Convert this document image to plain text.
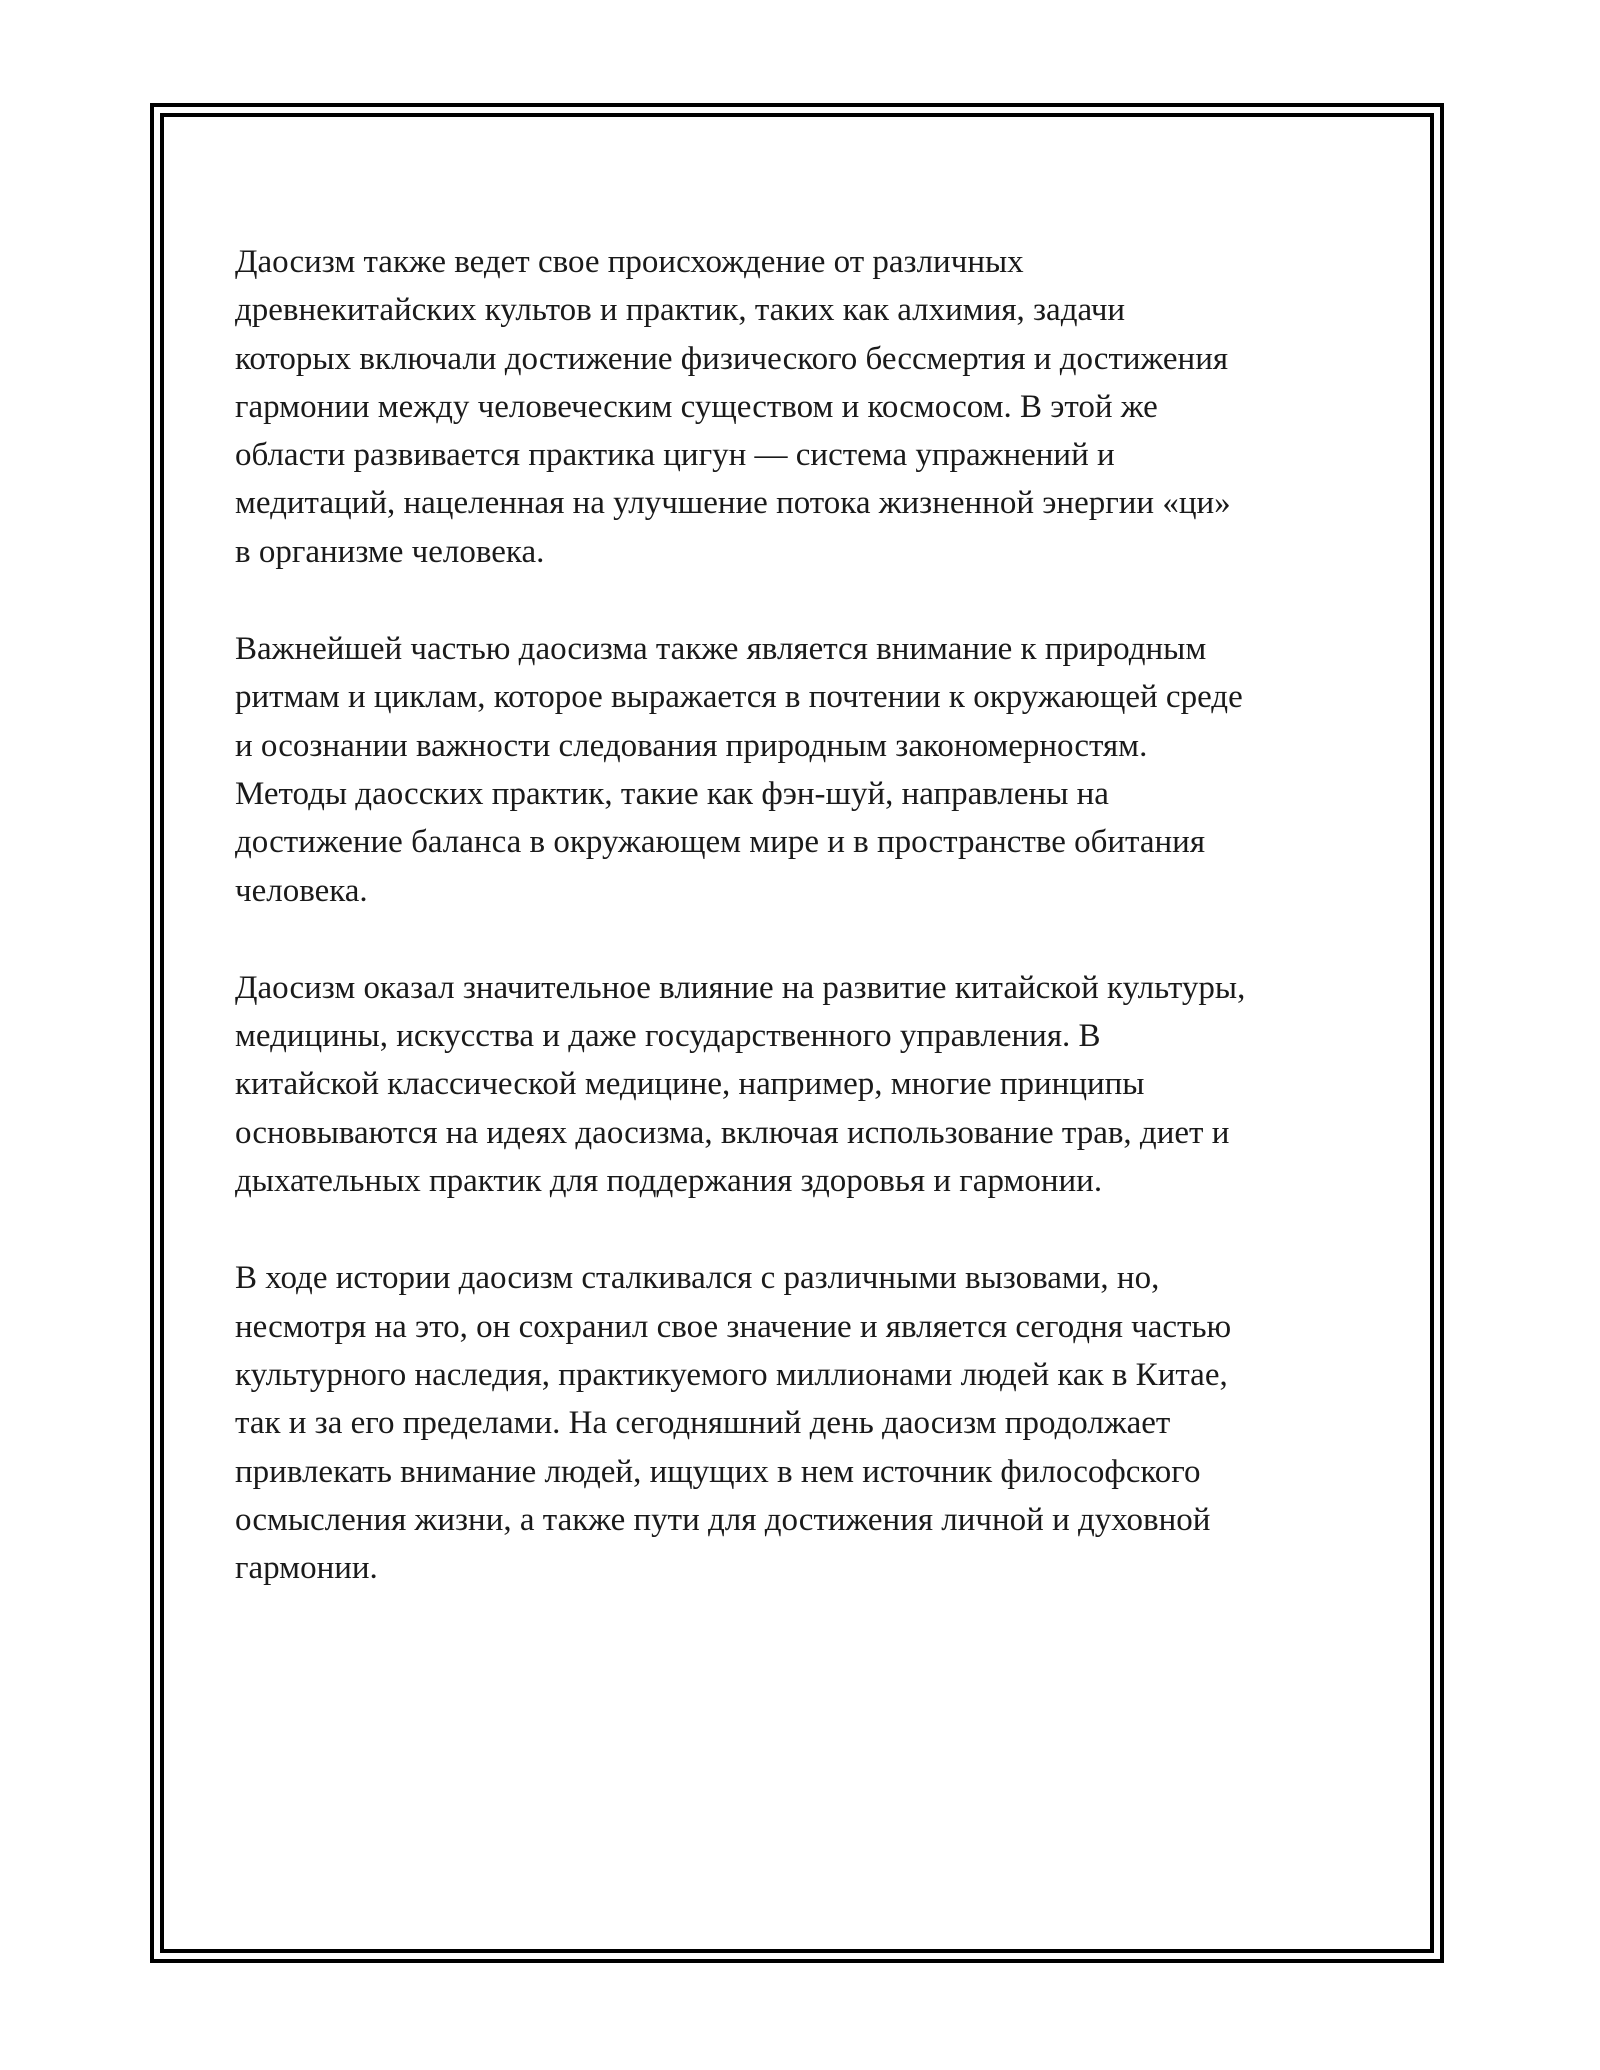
Даосизм также ведет свое происхождение от различных
древнекитайских культов и практик, таких как алхимия, задачи
которых включали достижение физического бессмертия и достижения
гармонии между человеческим существом и космосом. В этой же
области развивается практика цигун — система упражнений и
медитаций, нацеленная на улучшение потока жизненной энергии «ци»
в организме человека.

Важнейшей частью даосизма также является внимание к природным
ритмам и циклам, которое выражается в почтении к окружающей среде
и осознании важности следования природным закономерностям.
Методы даосских практик, такие как фэн-шуй, направлены на
достижение баланса в окружающем мире и в пространстве обитания
человека.

Даосизм оказал значительное влияние на развитие китайской культуры,
медицины, искусства и даже государственного управления. В
китайской классической медицине, например, многие принципы
основываются на идеях даосизма, включая использование трав, диет и
дыхательных практик для поддержания здоровья и гармонии.

В ходе истории даосизм сталкивался с различными вызовами, но,
несмотря на это, он сохранил свое значение и является сегодня частью
культурного наследия, практикуемого миллионами людей как в Китае,
так и за его пределами. На сегодняшний день даосизм продолжает
привлекать внимание людей, ищущих в нем источник философского
осмысления жизни, а также пути для достижения личной и духовной
гармонии.
